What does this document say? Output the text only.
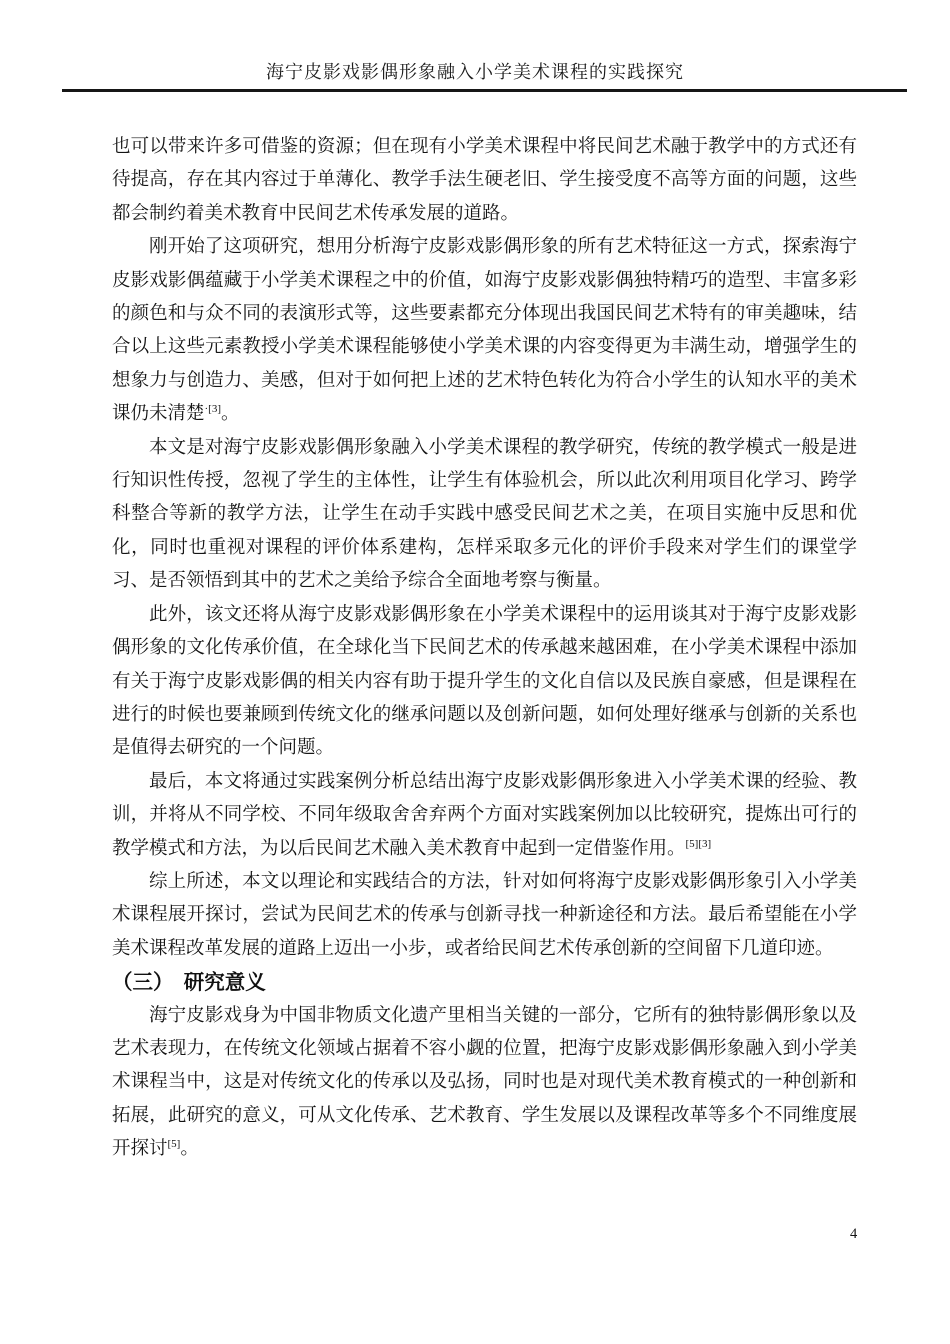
海宁皮影戏影偶形象融入小学美术课程的实践探究

也可以带来许多可借鉴的资源；但在现有小学美术课程中将民间艺术融于教学中的方式还有待提高，存在其内容过于单薄化、教学手法生硬老旧、学生接受度不高等方面的问题，这些都会制约着美术教育中民间艺术传承发展的道路。

刚开始了这项研究，想用分析海宁皮影戏影偶形象的所有艺术特征这一方式，探索海宁皮影戏影偶蕴藏于小学美术课程之中的价值，如海宁皮影戏影偶独特精巧的造型、丰富多彩的颜色和与众不同的表演形式等，这些要素都充分体现出我国民间艺术特有的审美趣味，结合以上这些元素教授小学美术课程能够使小学美术课的内容变得更为丰满生动，增强学生的想象力与创造力、美感，但对于如何把上述的艺术特色转化为符合小学生的认知水平的美术课仍未清楚$^{\cdot[3]}$。

本文是对海宁皮影戏影偶形象融入小学美术课程的教学研究，传统的教学模式一般是进行知识性传授，忽视了学生的主体性，让学生有体验机会，所以此次利用项目化学习、跨学科整合等新的教学方法，让学生在动手实践中感受民间艺术之美，在项目实施中反思和优化，同时也重视对课程的评价体系建构，怎样采取多元化的评价手段来对学生们的课堂学习、是否领悟到其中的艺术之美给予综合全面地考察与衡量。

此外，该文还将从海宁皮影戏影偶形象在小学美术课程中的运用谈其对于海宁皮影戏影偶形象的文化传承价值，在全球化当下民间艺术的传承越来越困难，在小学美术课程中添加有关于海宁皮影戏影偶的相关内容有助于提升学生的文化自信以及民族自豪感，但是课程在进行的时候也要兼顾到传统文化的继承问题以及创新问题，如何处理好继承与创新的关系也是值得去研究的一个问题。

最后，本文将通过实践案例分析总结出海宁皮影戏影偶形象进入小学美术课的经验、教训，并将从不同学校、不同年级取舍舍弃两个方面对实践案例加以比较研究，提炼出可行的教学模式和方法，为以后民间艺术融入美术教育中起到一定借鉴作用。[5][3]

综上所述，本文以理论和实践结合的方法，针对如何将海宁皮影戏影偶形象引入小学美术课程展开探讨，尝试为民间艺术的传承与创新寻找一种新途径和方法。最后希望能在小学美术课程改革发展的道路上迈出一小步，或者给民间艺术传承创新的空间留下几道印迹。

（三）　研究意义

海宁皮影戏身为中国非物质文化遗产里相当关键的一部分，它所有的独特影偶形象以及艺术表现力，在传统文化领域占据着不容小觑的位置，把海宁皮影戏影偶形象融入到小学美术课程当中，这是对传统文化的传承以及弘扬，同时也是对现代美术教育模式的一种创新和拓展，此研究的意义，可从文化传承、艺术教育、学生发展以及课程改革等多个不同维度展开探讨[5]。

4
